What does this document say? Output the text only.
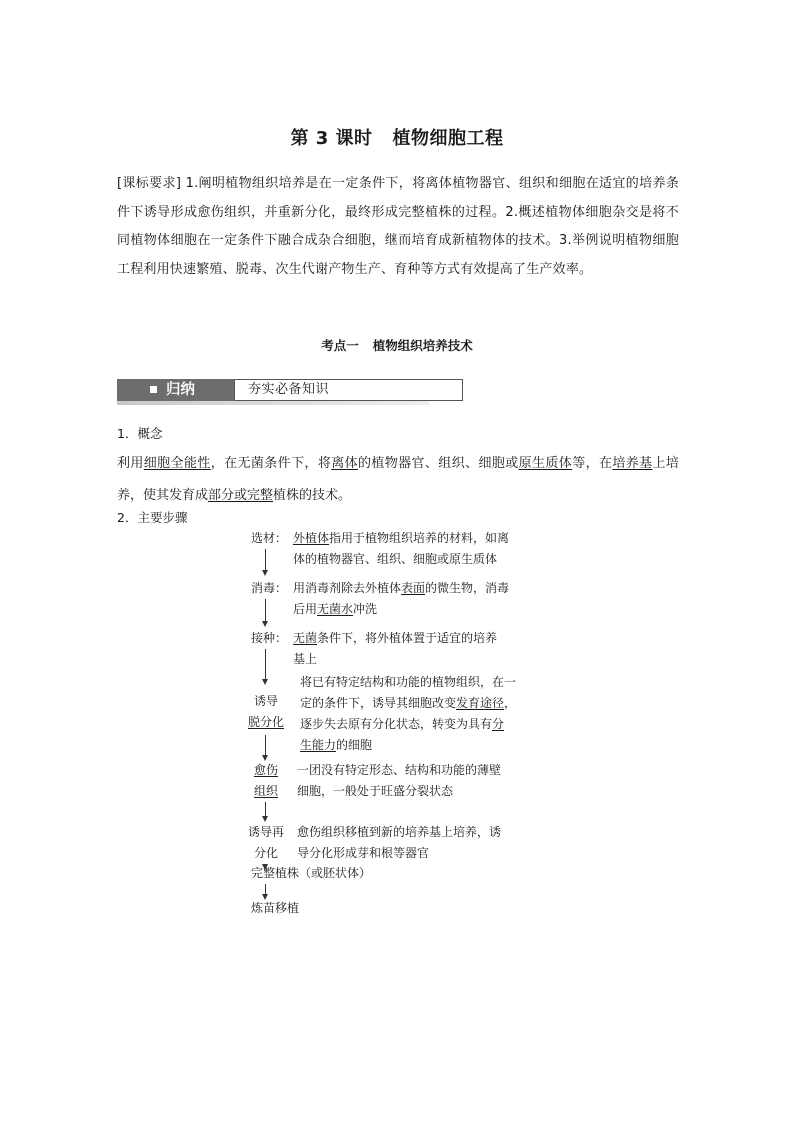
第 3 课时 植物细胞工程
[课标要求] 1.阐明植物组织培养是在一定条件下，将离体植物器官、组织和细胞在适宜的培养条件下诱导形成愈伤组织，并重新分化，最终形成完整植株的过程。2.概述植物体细胞杂交是将不同植物体细胞在一定条件下融合成杂合细胞，继而培育成新植物体的技术。3.举例说明植物细胞工程利用快速繁殖、脱毒、次生代谢产物生产、育种等方式有效提高了生产效率。
考点一 植物组织培养技术
归纳	夯实必备知识
1．概念
利用细胞全能性，在无菌条件下，将离体的植物器官、组织、细胞或原生质体等，在培养基上培养，使其发育成部分或完整植株的技术。
2．主要步骤
选材： 外植体指用于植物组织培养的材料，如离
体的植物器官、组织、细胞或原生质体
消毒： 用消毒剂除去外植体表面的微生物，消毒
后用无菌水冲洗
接种： 无菌条件下，将外植体置于适宜的培养
基上
诱导
脱分化
将已有特定结构和功能的植物组织，在一
定的条件下，诱导其细胞改变发育途径，
逐步失去原有分化状态，转变为具有分
生能力的细胞
愈伤
组织
一团没有特定形态、结构和功能的薄壁
细胞，一般处于旺盛分裂状态
诱导再
分化
愈伤组织移植到新的培养基上培养，诱
导分化形成芽和根等器官
完整植株（或胚状体）
炼苗移植
